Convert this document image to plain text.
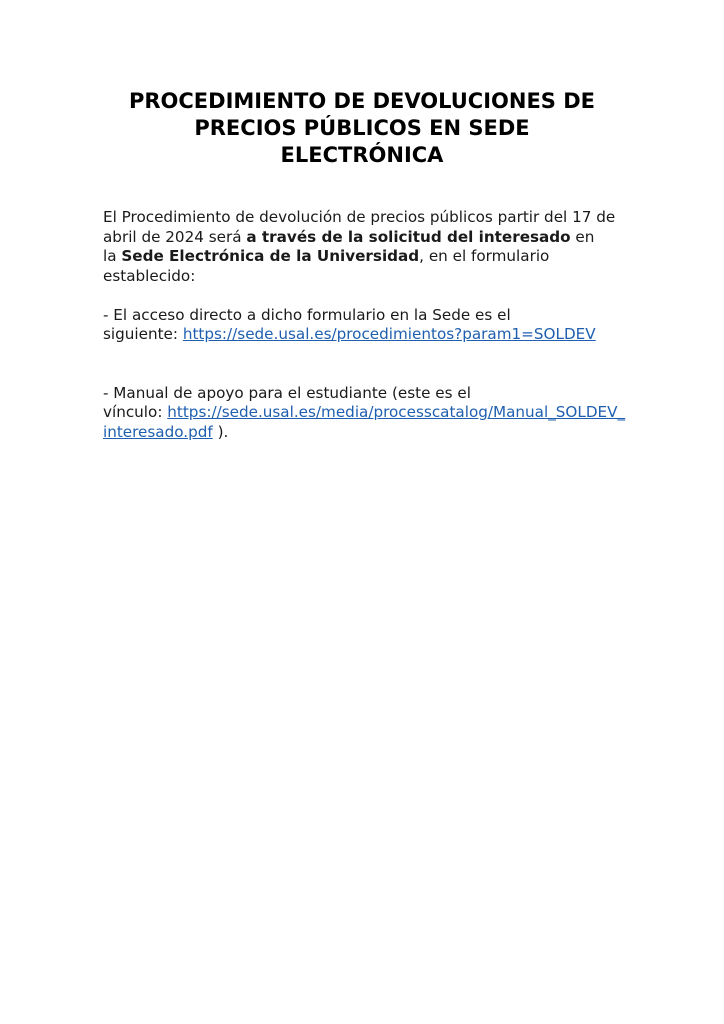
PROCEDIMIENTO DE DEVOLUCIONES DE
PRECIOS PÚBLICOS EN SEDE
ELECTRÓNICA

El Procedimiento de devolución de precios públicos partir del 17 de
abril de 2024 será a través de la solicitud del interesado en
la Sede Electrónica de la Universidad, en el formulario
establecido:

- El acceso directo a dicho formulario en la Sede es el
siguiente: https://sede.usal.es/procedimientos?param1=SOLDEV

- Manual de apoyo para el estudiante (este es el
vínculo: https://sede.usal.es/media/processcatalog/Manual_SOLDEV_
interesado.pdf ).
